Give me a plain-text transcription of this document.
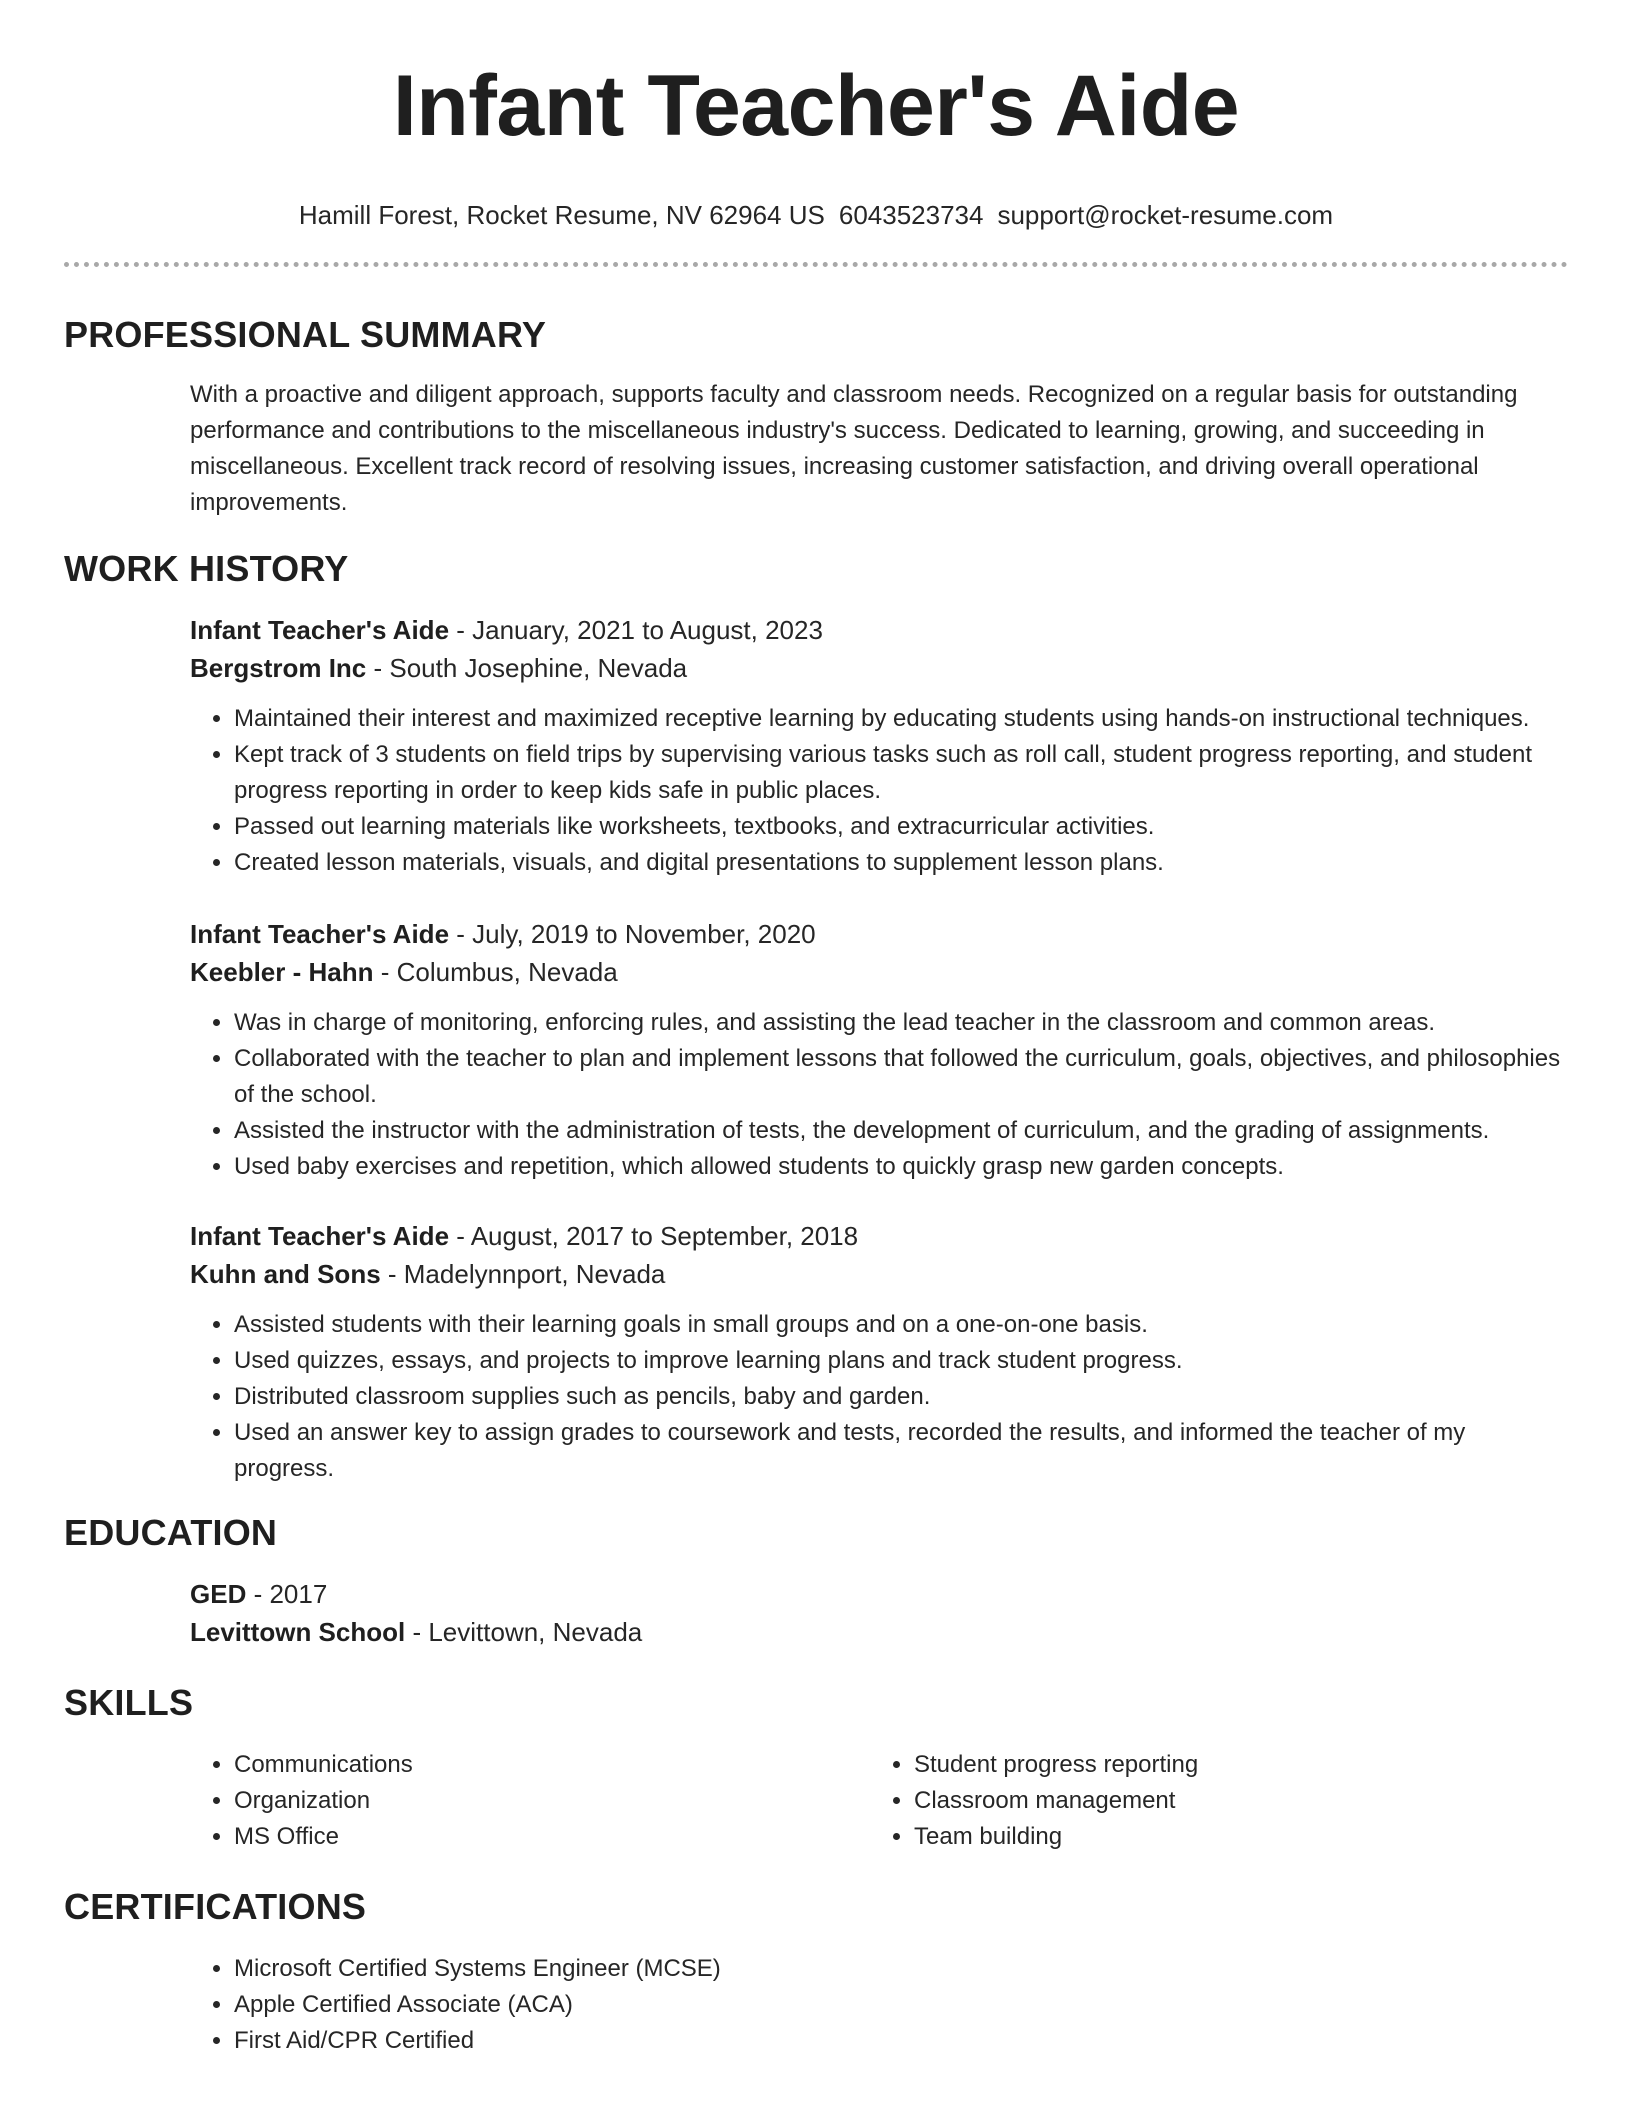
Infant Teacher's Aide
Hamill Forest, Rocket Resume, NV 62964 US 6043523734 support@rocket-resume.com
PROFESSIONAL SUMMARY

With a proactive and diligent approach, supports faculty and classroom needs. Recognized on a regular basis for outstanding performance and contributions to the miscellaneous industry's success. Dedicated to learning, growing, and succeeding in miscellaneous. Excellent track record of resolving issues, increasing customer satisfaction, and driving overall operational improvements.

WORK HISTORY
Infant Teacher's Aide - January, 2021 to August, 2023
Bergstrom Inc - South Josephine, Nevada
• Maintained their interest and maximized receptive learning by educating students using hands-on instructional techniques.
• Kept track of 3 students on field trips by supervising various tasks such as roll call, student progress reporting, and student progress reporting in order to keep kids safe in public places.
• Passed out learning materials like worksheets, textbooks, and extracurricular activities.
• Created lesson materials, visuals, and digital presentations to supplement lesson plans.
Infant Teacher's Aide - July, 2019 to November, 2020
Keebler - Hahn - Columbus, Nevada
• Was in charge of monitoring, enforcing rules, and assisting the lead teacher in the classroom and common areas.
• Collaborated with the teacher to plan and implement lessons that followed the curriculum, goals, objectives, and philosophies of the school.
• Assisted the instructor with the administration of tests, the development of curriculum, and the grading of assignments.
• Used baby exercises and repetition, which allowed students to quickly grasp new garden concepts.
Infant Teacher's Aide - August, 2017 to September, 2018
Kuhn and Sons - Madelynnport, Nevada
• Assisted students with their learning goals in small groups and on a one-on-one basis.
• Used quizzes, essays, and projects to improve learning plans and track student progress.
• Distributed classroom supplies such as pencils, baby and garden.
• Used an answer key to assign grades to coursework and tests, recorded the results, and informed the teacher of my progress.
EDUCATION
GED - 2017
Levittown School - Levittown, Nevada
SKILLS
• Communications
• Organization
• MS Office
• Student progress reporting
• Classroom management
• Team building
CERTIFICATIONS
• Microsoft Certified Systems Engineer (MCSE)
• Apple Certified Associate (ACA)
• First Aid/CPR Certified
